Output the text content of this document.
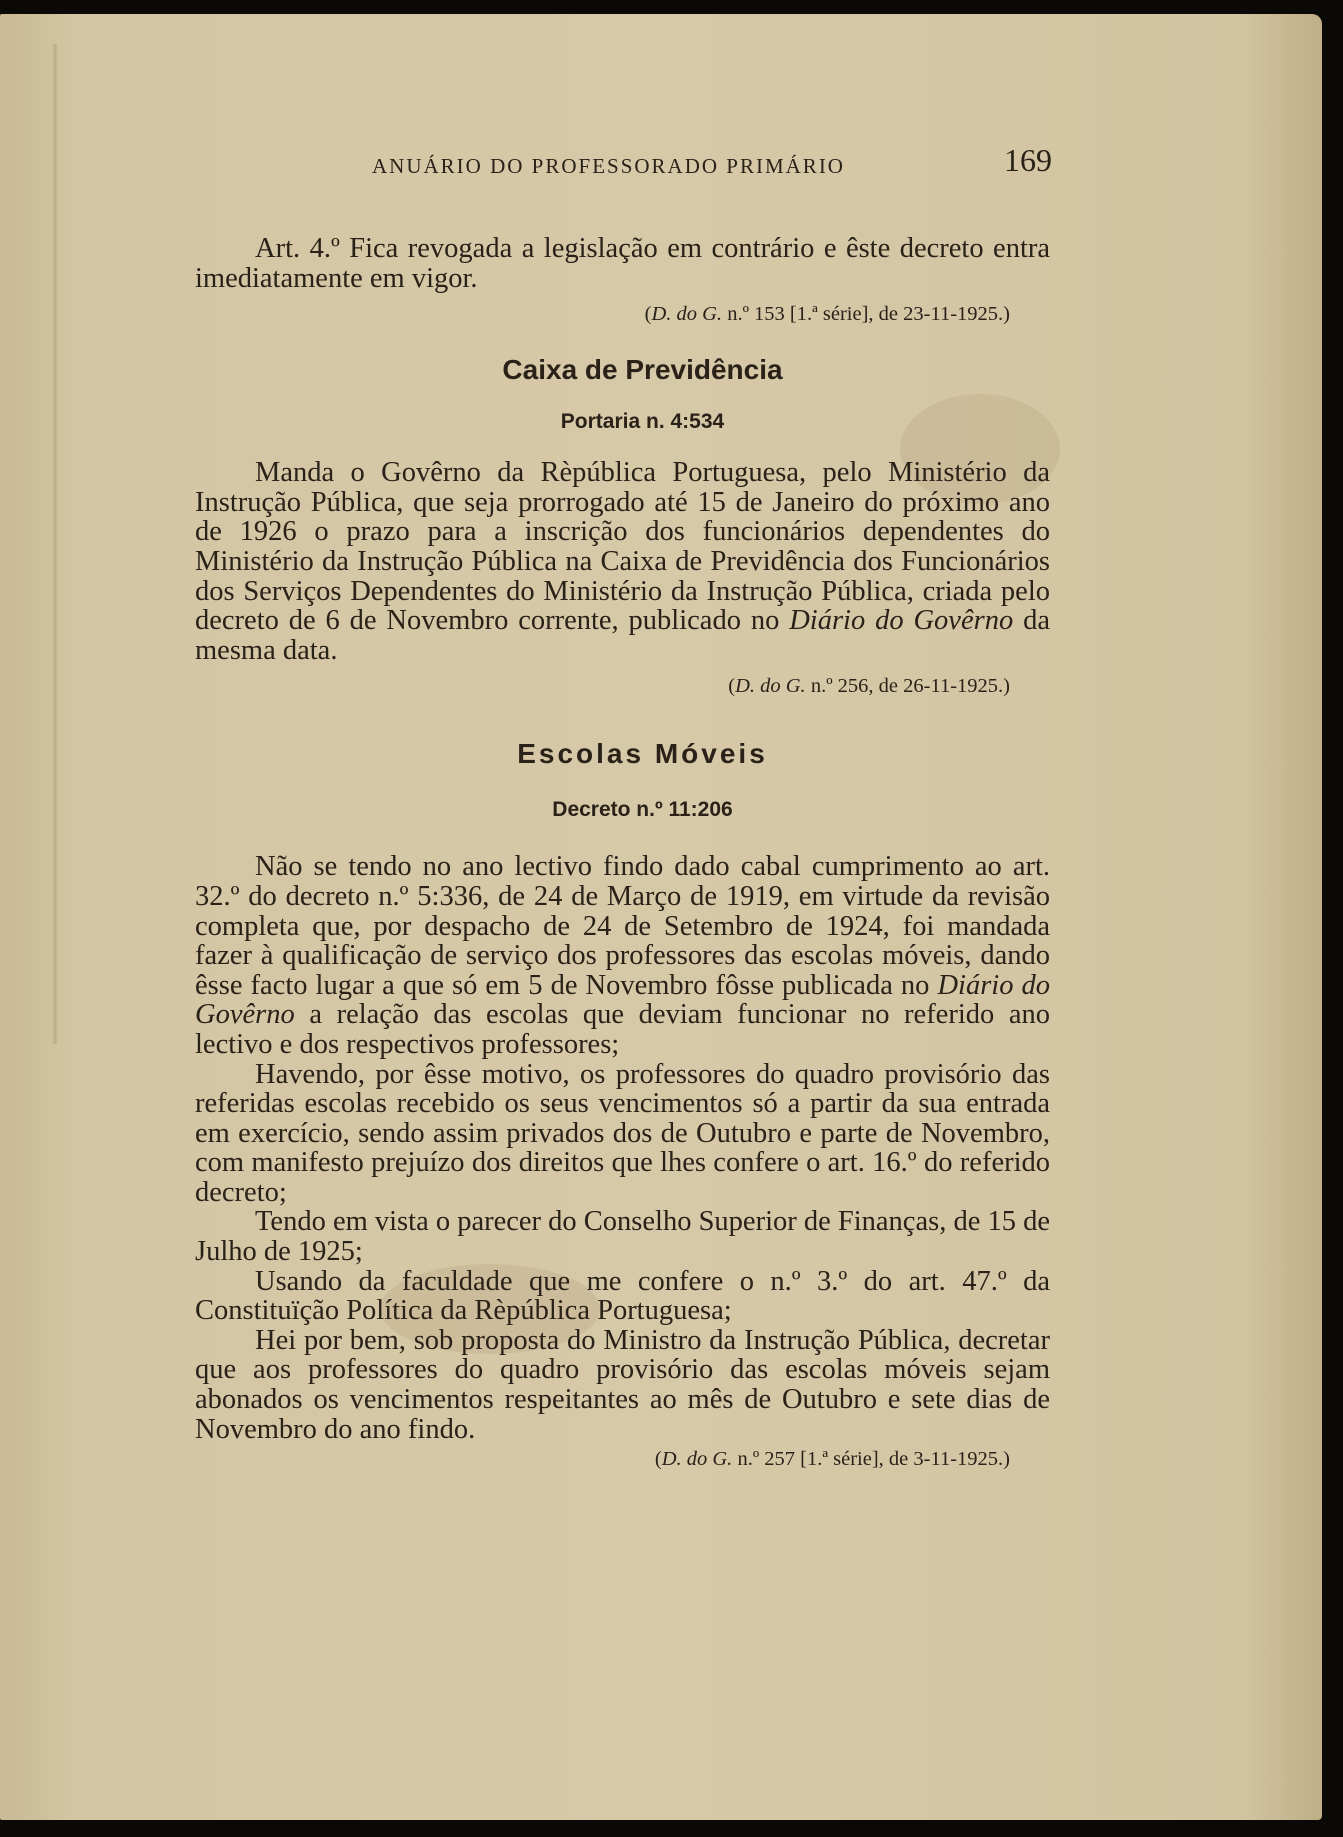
ANUÁRIO DO PROFESSORADO PRIMÁRIO	169

Art. 4.º Fica revogada a legislação em contrário e êste decreto entra imediatamente em vigor.

(D. do G. n.º 153 [1.ª série], de 23-11-1925.)

Caixa de Previdência
Portaria n. 4:534

Manda o Govêrno da Rèpública Portuguesa, pelo Ministério da Instrução Pública, que seja prorrogado até 15 de Janeiro do próximo ano de 1926 o prazo para a inscrição dos funcionários dependentes do Ministério da Instrução Pública na Caixa de Previdência dos Funcionários dos Serviços Dependentes do Ministério da Instrução Pública, criada pelo decreto de 6 de Novembro corrente, publicado no Diário do Govêrno da mesma data.

(D. do G. n.º 256, de 26-11-1925.)

Escolas Móveis
Decreto n.º 11:206

Não se tendo no ano lectivo findo dado cabal cumprimento ao art. 32.º do decreto n.º 5:336, de 24 de Março de 1919, em virtude da revisão completa que, por despacho de 24 de Setembro de 1924, foi mandada fazer à qualificação de serviço dos professores das escolas móveis, dando êsse facto lugar a que só em 5 de Novembro fôsse publicada no Diário do Govêrno a relação das escolas que deviam funcionar no referido ano lectivo e dos respectivos professores;

Havendo, por êsse motivo, os professores do quadro provisório das referidas escolas recebido os seus vencimentos só a partir da sua entrada em exercício, sendo assim privados dos de Outubro e parte de Novembro, com manifesto prejuízo dos direitos que lhes confere o art. 16.º do referido decreto;

Tendo em vista o parecer do Conselho Superior de Finanças, de 15 de Julho de 1925;

Usando da faculdade que me confere o n.º 3.º do art. 47.º da Constituïção Política da Rèpública Portuguesa;

Hei por bem, sob proposta do Ministro da Instrução Pública, decretar que aos professores do quadro provisório das escolas móveis sejam abonados os vencimentos respeitantes ao mês de Outubro e sete dias de Novembro do ano findo.

(D. do G. n.º 257 [1.ª série], de 3-11-1925.)
